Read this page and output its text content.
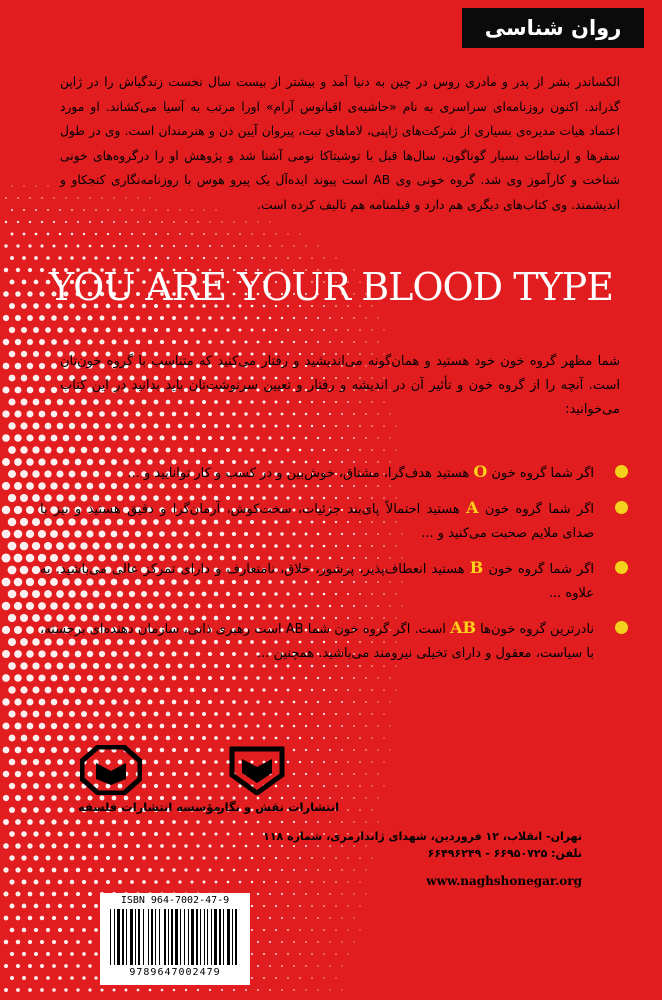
روان شناسی

الکساندر بشر از پدر و مادری روس در چین به دنیا آمد و بیشتر از بیست سال نخست زندگیاش را در ژاپن گذراند. اکنون روزنامه‌ای سراسری به نام «حاشیه‌ی اقیانوس آرام» اورا مرتب به آسیا می‌کشاند. او مورد اعتماد هیات مدیره‌ی بسیاری از شرکت‌های ژاپنی، لاماهای تبت، پیروان آیین ذن و هنرمندان است. وی در طول سفرها و ارتباطات بسیار گوناگون، سال‌ها قبل با توشیتاکا نومی آشنا شد و پژوهش او را درگروه‌های خونی شناخت و کارآموز وی شد. گروه خونی وی AB است پیوند ایده‌آل یک پیرو هوس با روزنامه‌نگاری کنجکاو و اندیشمند. وی کتاب‌های دیگری هم دارد و فیلمنامه هم تالیف کرده است.

YOU ARE YOUR BLOOD TYPE

شما مظهر گروه خون خود هستید و همان‌گونه می‌اندیشید و رفتار می‌کنید که متناسب با گروه خون‌تان است. آنچه را از گروه خون و تأثیر آن در اندیشه و رفتار و تعیین سرنوشت‌تان باید بدانید در این کتاب می‌خوانید:

اگر شما گروه خون O هستید هدف‌گرا، مشتاق، خوش‌بین و در کسب و کار توانایید و ...
اگر شما گروه خون A هستید احتمالاً پای‌بند جزئیات، سخت‌کوش، آرمان‌گرا و دقیق هستید و نیز با صدای ملایم صحبت می‌کنید و ...
اگر شما گروه خون B هستید انعطاف‌پذیر، پرشور، خلاق، نامتعارف و دارای تمرکز عالی می‌باشید. به علاوه ...
نادرترین گروه خون‌ها AB است. اگر گروه خون شما AB است رهبری ذاتی، سازمان دهنده‌ای برجسته، با سیاست، معقول و دارای تخیلی نیرومند می‌باشید. همچنین ...
مؤسسه انتشارات فلسفه
انتشارات نقش و نگار
تهران- انقلاب، ۱۲ فروردین، شهدای ژاندارمری، شماره ۱۱۸
تلفن: ۶۶۹۵۰۷۲۵ - ۶۶۴۹۶۲۴۹
www.naghshonegar.org
ISBN 964-7002-47-9
9789647002479
